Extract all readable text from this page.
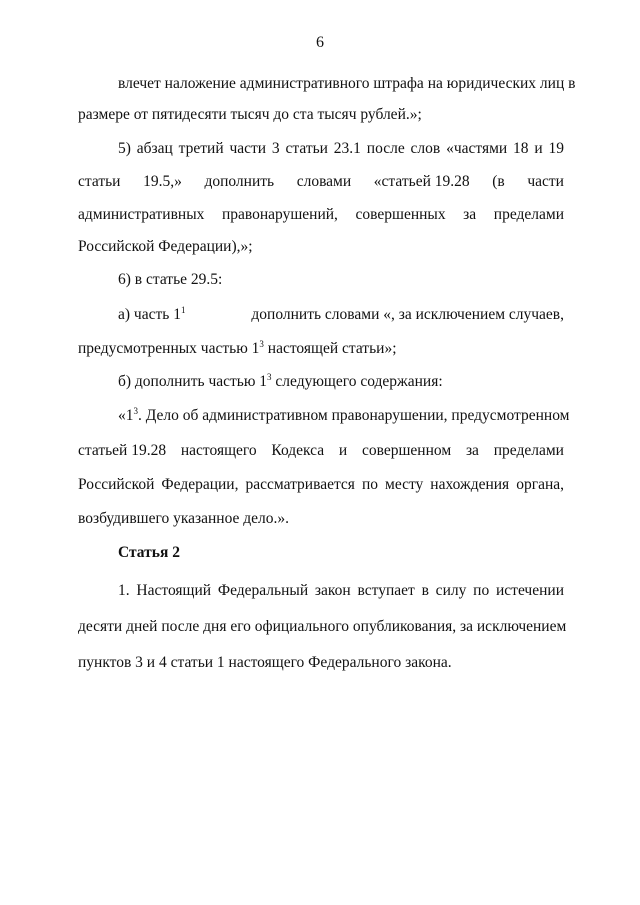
6
влечет наложение административного штрафа на юридических лиц в
размере от пятидесяти тысяч до ста тысяч рублей.»;
5) абзац третий части 3 статьи 23.1 после слов «частями 18 и 19
статьи 19.5,» дополнить словами «статьей 19.28 (в части
административных правонарушений, совершенных за пределами
Российской Федерации),»;
6) в статье 29.5:
а) часть $1^1$	дополнить словами «, за исключением случаев,
предусмотренных частью $1^3$ настоящей статьи»;
б) дополнить частью $1^3$ следующего содержания:
«$1^3$. Дело об административном правонарушении, предусмотренном
статьей 19.28 настоящего Кодекса и совершенном за пределами
Российской Федерации, рассматривается по месту нахождения органа,
возбудившего указанное дело.».
Статья 2
1. Настоящий Федеральный закон вступает в силу по истечении
десяти дней после дня его официального опубликования, за исключением
пунктов 3 и 4 статьи 1 настоящего Федерального закона.
